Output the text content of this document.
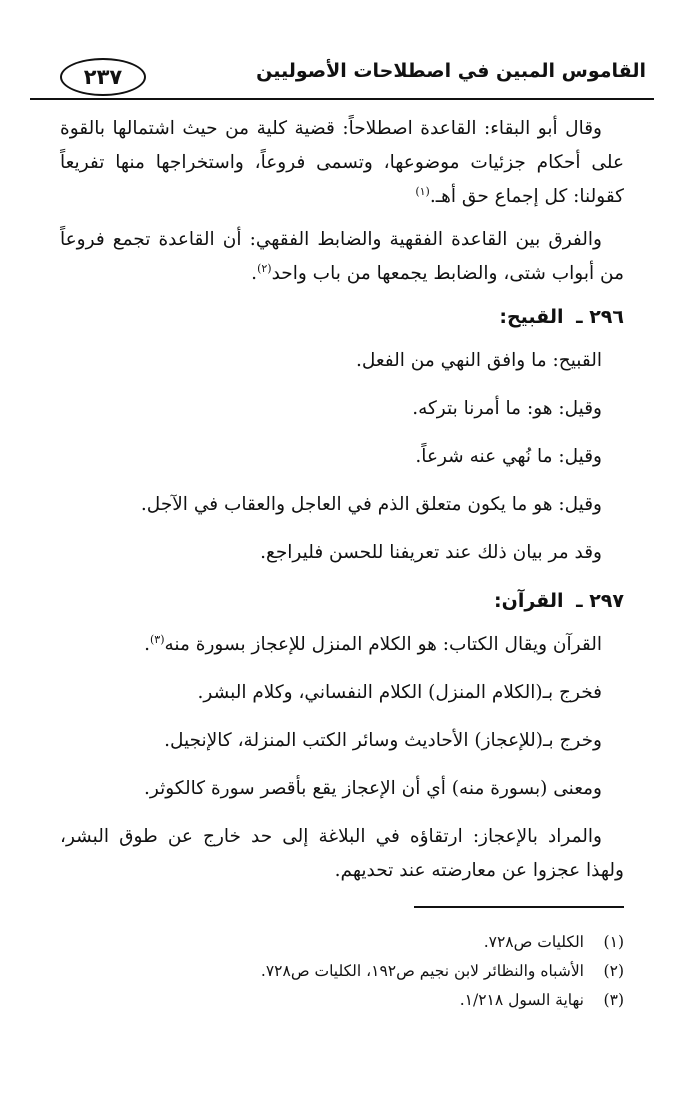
القاموس المبين في اصطلاحات الأصوليين
٢٣٧

وقال أبو البقاء: القاعدة اصطلاحاً: قضية كلية من حيث اشتمالها بالقوة على أحكام جزئيات موضوعها، وتسمى فروعاً، واستخراجها منها تفريعاً كقولنا: كل إجماع حق أهـ.$^{(١)}$

والفرق بين القاعدة الفقهية والضابط الفقهي: أن القاعدة تجمع فروعاً من أبواب شتى، والضابط يجمعها من باب واحد$^{(٢)}$.

٢٩٦ ـ القبيح:
القبيح: ما وافق النهي من الفعل.
وقيل: هو: ما أمرنا بتركه.
وقيل: ما نُهي عنه شرعاً.
وقيل: هو ما يكون متعلق الذم في العاجل والعقاب في الآجل.
وقد مر بيان ذلك عند تعريفنا للحسن فليراجع.
٢٩٧ ـ القرآن:
القرآن ويقال الكتاب: هو الكلام المنزل للإعجاز بسورة منه$^{(٣)}$.
فخرج بـ(الكلام المنزل) الكلام النفساني، وكلام البشر.
وخرج بـ(للإعجاز) الأحاديث وسائر الكتب المنزلة، كالإنجيل.
ومعنى (بسورة منه) أي أن الإعجاز يقع بأقصر سورة كالكوثر.

والمراد بالإعجاز: ارتقاؤه في البلاغة إلى حد خارج عن طوق البشر، ولهذا عجزوا عن معارضته عند تحديهم.

(١)
الكليات ص٧٢٨.
(٢)
الأشباه والنظائر لابن نجيم ص١٩٢، الكليات ص٧٢٨.
(٣)
نهاية السول ١/٢١٨.
